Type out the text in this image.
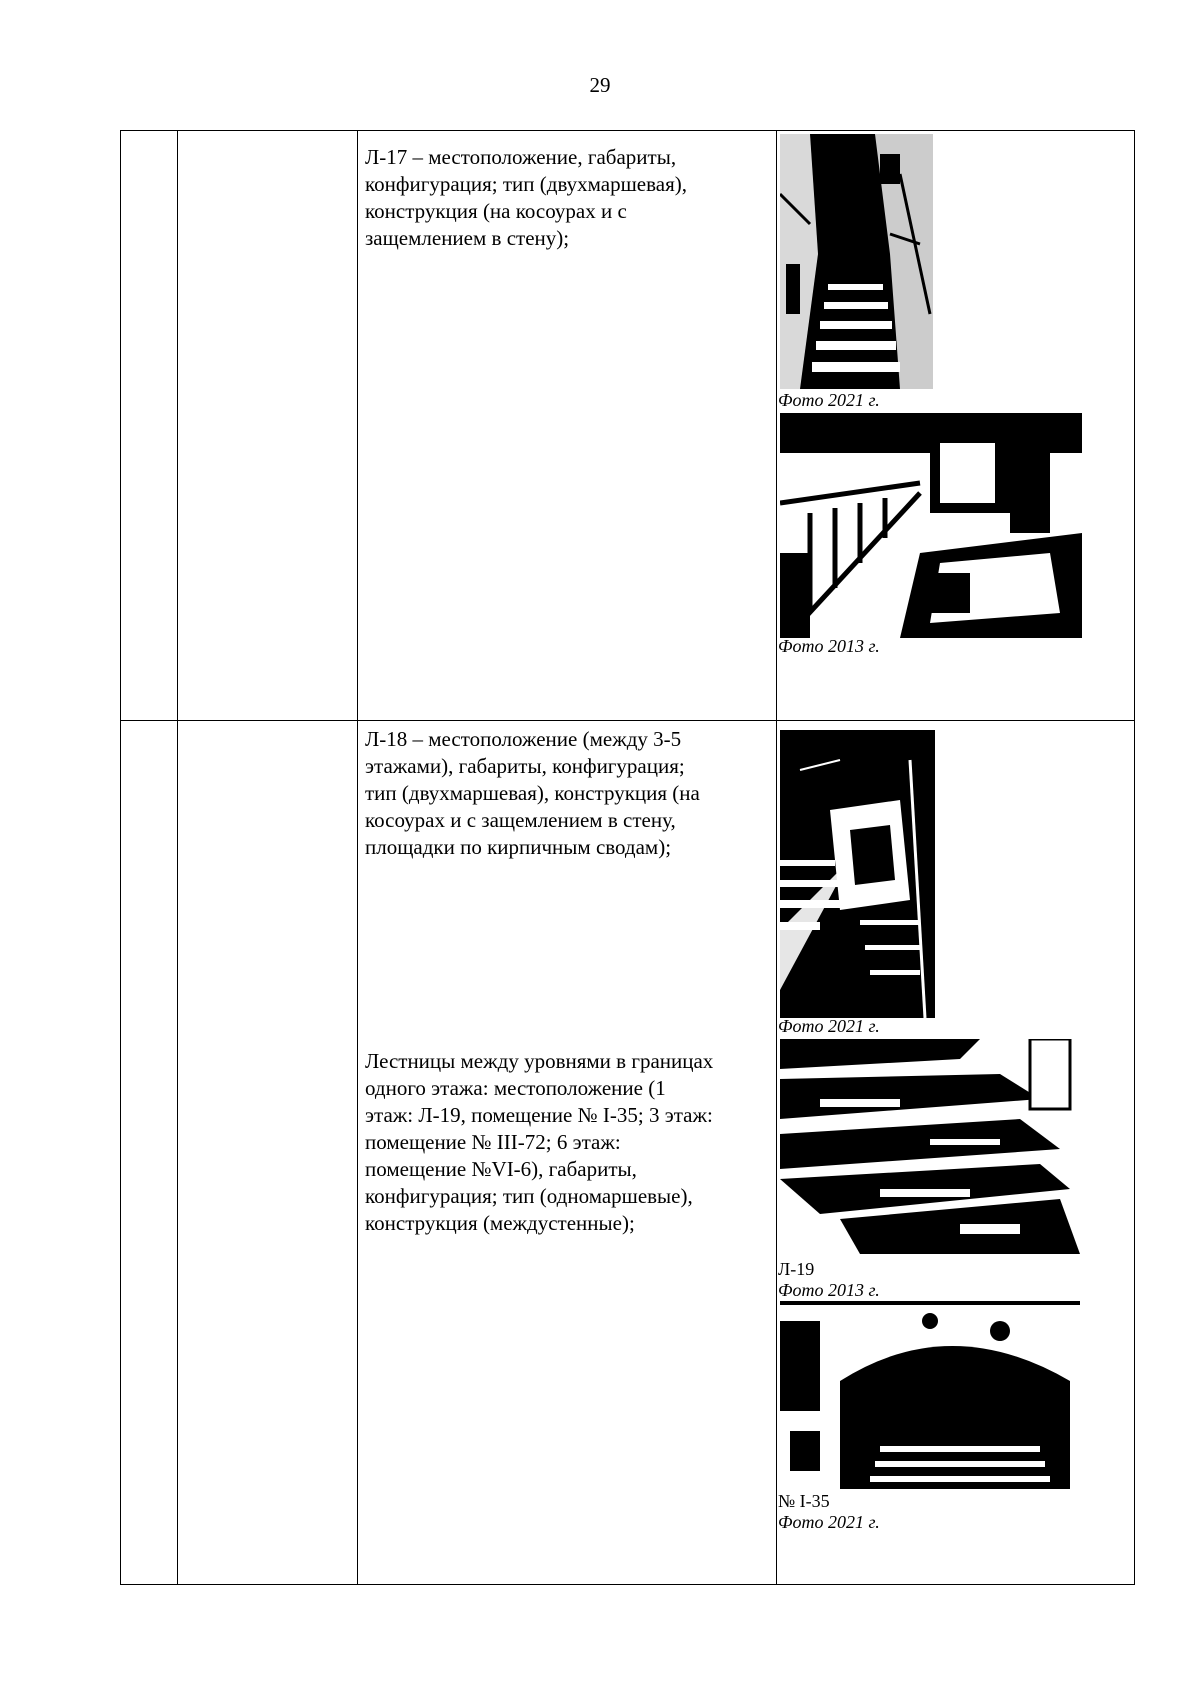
29
Л-17 – местоположение, габариты,
конфигурация; тип (двухмаршевая),
конструкция (на косоурах и с
защемлением в стену);
Фото 2021 г.
Фото 2013 г.
Л-18 – местоположение (между 3-5
этажами), габариты, конфигурация;
тип (двухмаршевая), конструкция (на
косоурах и с защемлением в стену,
площадки по кирпичным сводам);
Фото 2021 г.
Лестницы между уровнями в границах
одного этажа: местоположение (1
этаж: Л-19, помещение № I-35; 3 этаж:
помещение № III-72; 6 этаж:
помещение №VI-6), габариты,
конфигурация; тип (одномаршевые),
конструкция (междустенные);
Л-19
Фото 2013 г.
№ I-35
Фото 2021 г.
